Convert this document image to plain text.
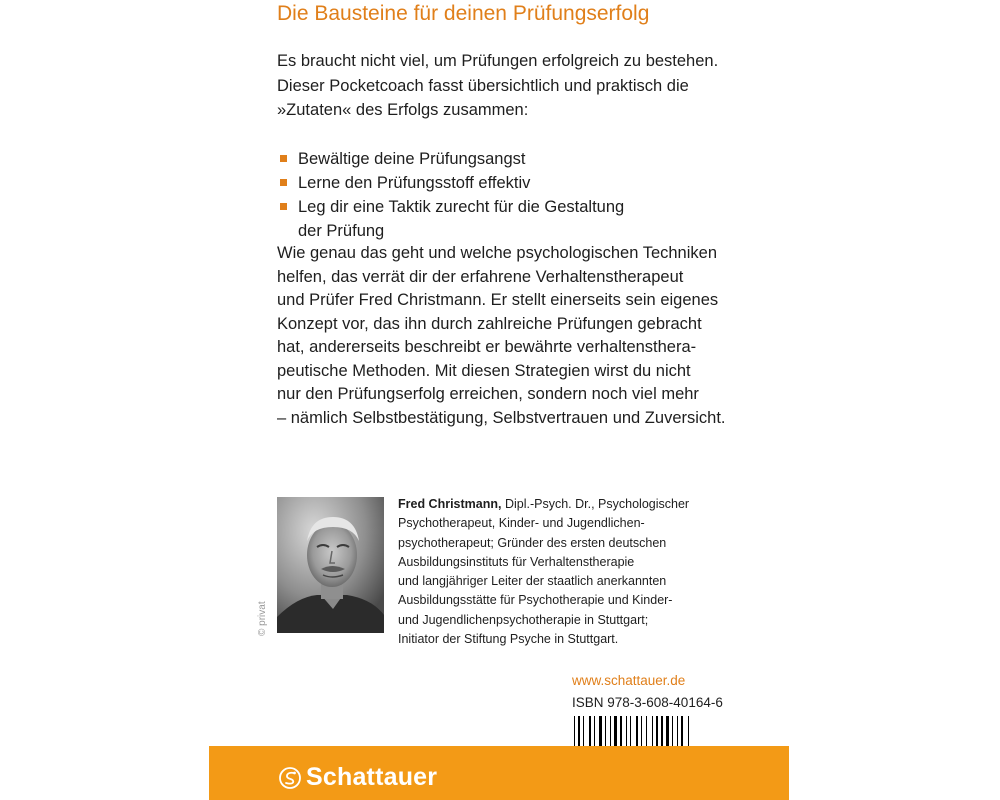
Die Bausteine für deinen Prüfungserfolg
Es braucht nicht viel, um Prüfungen erfolgreich zu bestehen.
Dieser Pocketcoach fasst übersichtlich und praktisch die
»Zutaten« des Erfolgs zusammen:
Bewältige deine Prüfungsangst
Lerne den Prüfungsstoff effektiv
Leg dir eine Taktik zurecht für die Gestaltung
der Prüfung
Wie genau das geht und welche psychologischen Techniken
helfen, das verrät dir der erfahrene Verhaltenstherapeut
und Prüfer Fred Christmann. Er stellt einerseits sein eigenes
Konzept vor, das ihn durch zahlreiche Prüfungen gebracht
hat, andererseits beschreibt er bewährte verhaltensthera-
peutische Methoden. Mit diesen Strategien wirst du nicht
nur den Prüfungserfolg erreichen, sondern noch viel mehr
– nämlich Selbstbestätigung, Selbstvertrauen und Zuversicht.
© privat
Fred Christmann, Dipl.-Psych. Dr., Psychologischer
Psychotherapeut, Kinder- und Jugendlichen-
psychotherapeut; Gründer des ersten deutschen
Ausbildungsinstituts für Verhaltenstherapie
und langjähriger Leiter der staatlich anerkannten
Ausbildungsstätte für Psychotherapie und Kinder-
und Jugendlichenpsychotherapie in Stuttgart;
Initiator der Stiftung Psyche in Stuttgart.
www.schattauer.de
ISBN 978-3-608-40164-6
Schattauer
